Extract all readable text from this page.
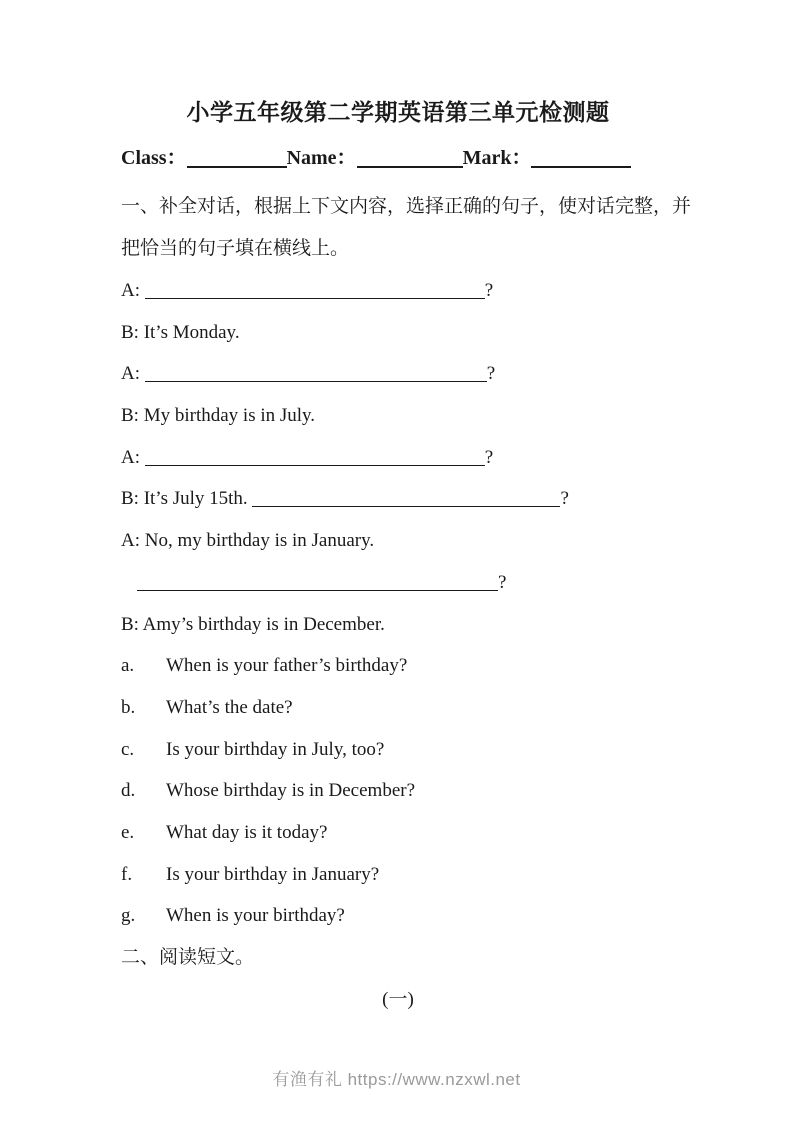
小学五年级第二学期英语第三单元检测题
Class：	Name：	Mark：
一、补全对话，根据上下文内容，选择正确的句子，使对话完整，并
把恰当的句子填在横线上。
A:	?
B: It’s Monday.
A:	?
B: My birthday is in July.
A:	?
B: It’s July 15th.	?
A: No, my birthday is in January.
?
B: Amy’s birthday is in December.
a. When is your father’s birthday?
b. What’s the date?
c. Is your birthday in July, too?
d. Whose birthday is in December?
e. What day is it today?
f. Is your birthday in January?
g. When is your birthday?
二、阅读短文。
(一)
有渔有礼 https://www.nzxwl.net
